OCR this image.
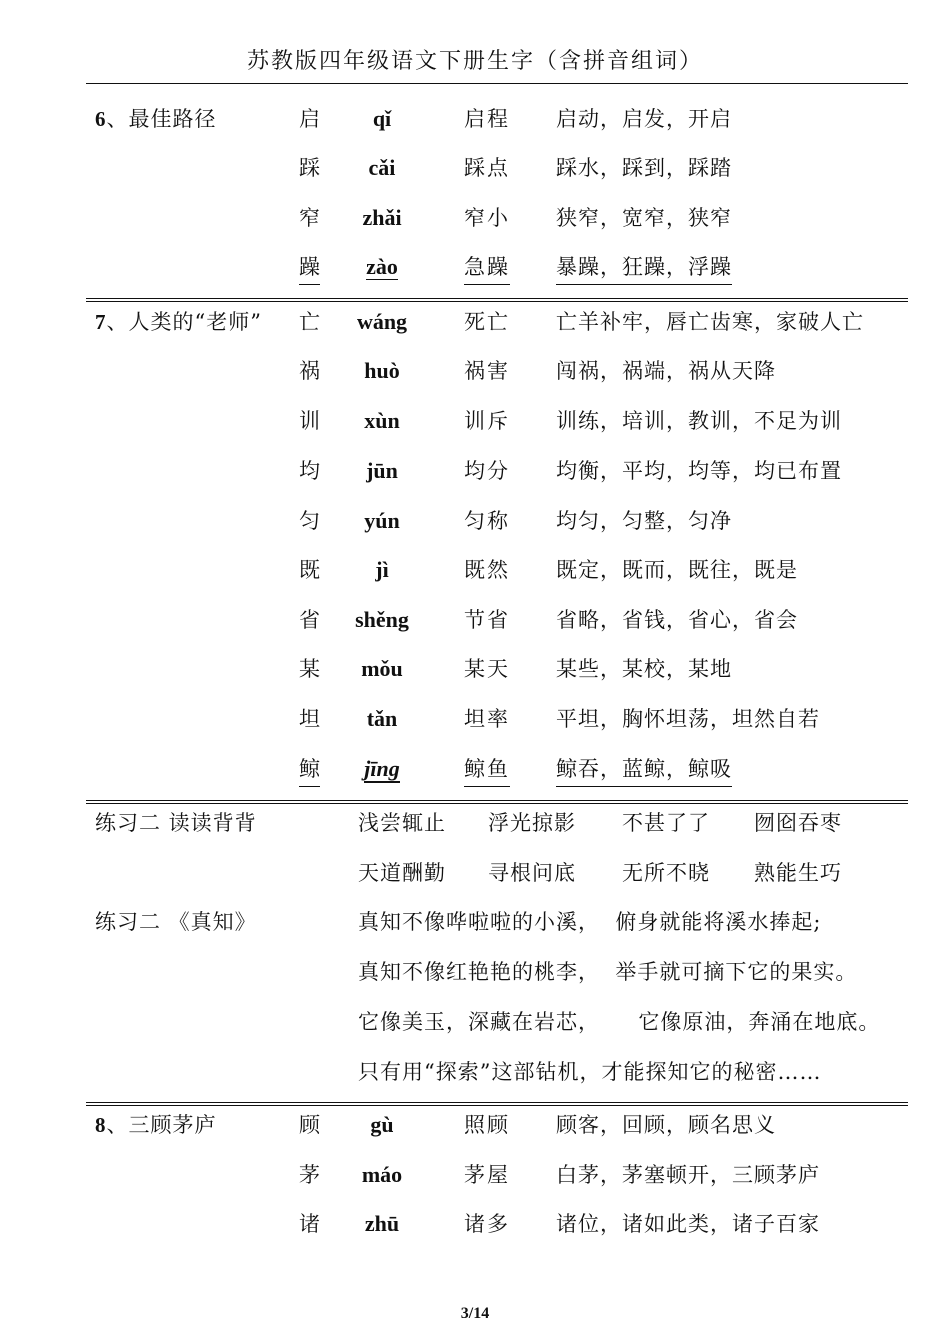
苏教版四年级语文下册生字（含拼音组词）
6、最佳路径	启	qǐ	启程 启动，启发，开启
踩	cǎi	踩点 踩水，踩到，踩踏
窄	zhǎi	窄小 狭窄，宽窄，狭窄
躁	zào	急躁 暴躁，狂躁，浮躁
7、人类的“老师” 亡	wáng	死亡 亡羊补牢，唇亡齿寒，家破人亡
祸	huò	祸害 闯祸，祸端，祸从天降
训	xùn	训斥 训练，培训，教训，不足为训
均	jūn	均分 均衡，平均，均等，均已布置
匀	yún	匀称 均匀，匀整，匀净
既	jì	既然 既定，既而，既往，既是
省	shěng	节省 省略，省钱，省心，省会
某	mǒu	某天 某些，某校，某地
坦	tǎn	坦率 平坦，胸怀坦荡，坦然自若
鲸	jīng	鲸鱼 鲸吞，蓝鲸，鲸吸
练习二 读读背背	浅尝辄止 浮光掠影 不甚了了 囫囵吞枣
天道酬勤 寻根问底 无所不晓 熟能生巧
练习二 《真知》	真知不像哗啦啦的小溪，  俯身就能将溪水捧起;
真知不像红艳艳的桃李，  举手就可摘下它的果实。
它像美玉，深藏在岩芯，     它像原油，奔涌在地底。
只有用“探索”这部钻机，才能探知它的秘密……
8、三顾茅庐	顾	gù	照顾 顾客，回顾，顾名思义
茅	máo	茅屋 白茅，茅塞顿开，三顾茅庐
诸	zhū	诸多 诸位，诸如此类，诸子百家
3/14
